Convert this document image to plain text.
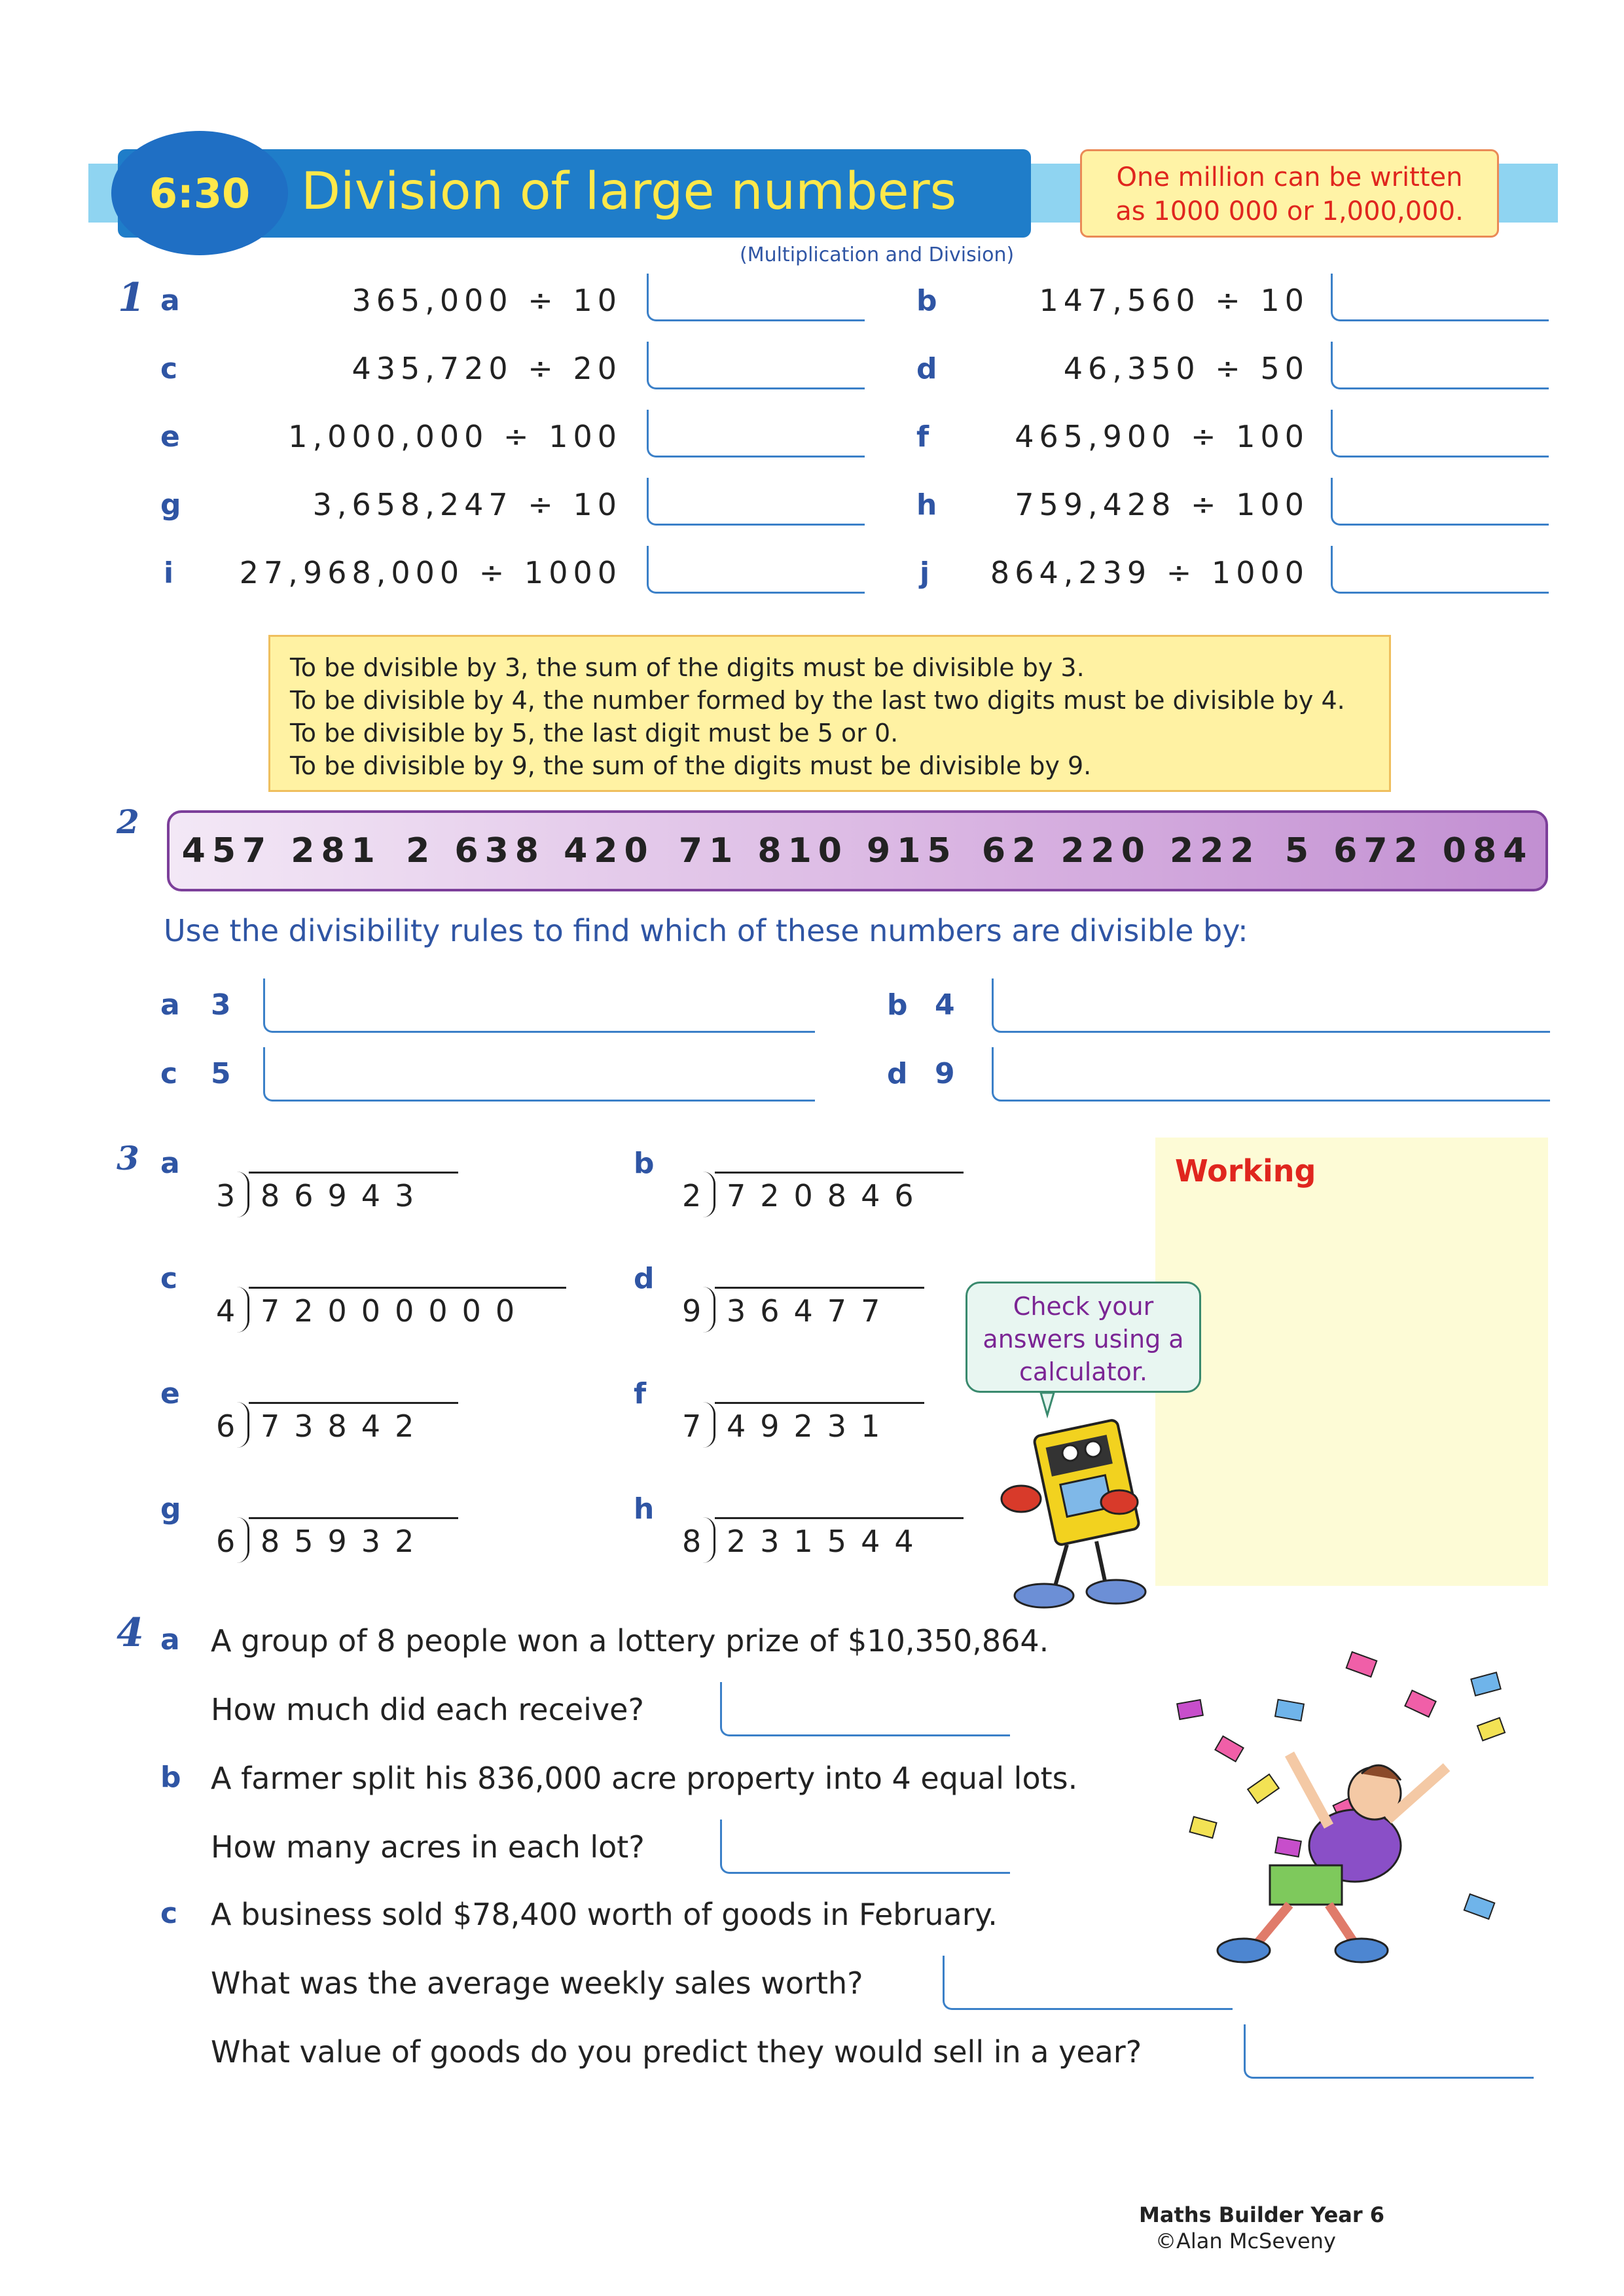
6:30 Division of large numbers	One million can be written
as 1000 000 or 1,000,000.
(Multiplication and Division)
1 a	365,000 ÷ 10	b	147,560 ÷ 10
c	435,720 ÷ 20	d	46,350 ÷ 50
e	1,000,000 ÷ 100	f	465,900 ÷ 100
g	3,658,247 ÷ 10	h	759,428 ÷ 100
i	27,968,000 ÷ 1000	j	864,239 ÷ 1000
To be dvisible by 3, the sum of the digits must be divisible by 3.
To be divisible by 4, the number formed by the last two digits must be divisible by 4.
To be divisible by 5, the last digit must be 5 or 0.
To be divisible by 9, the sum of the digits must be divisible by 9.
2
457 281 2 638 420 71 810 915 62 220 222 5 672 084
Use the divisibility rules to find which of these numbers are divisible by:
a 3	b 4
c 5	d 9
3 a
3 86943
b
2 720846
c
4 72000000
d
9 36477
e
6 73842
f
7 49231
g
6 85932
h
8 231544
Working
Check your
answers using a
calculator.
4 a A group of 8 people won a lottery prize of $10,350,864.
How much did each receive?
b A farmer split his 836,000 acre property into 4 equal lots.
How many acres in each lot?
c A business sold $78,400 worth of goods in February.
What was the average weekly sales worth?
What value of goods do you predict they would sell in a year?
Maths Builder Year 6
©Alan McSeveny
